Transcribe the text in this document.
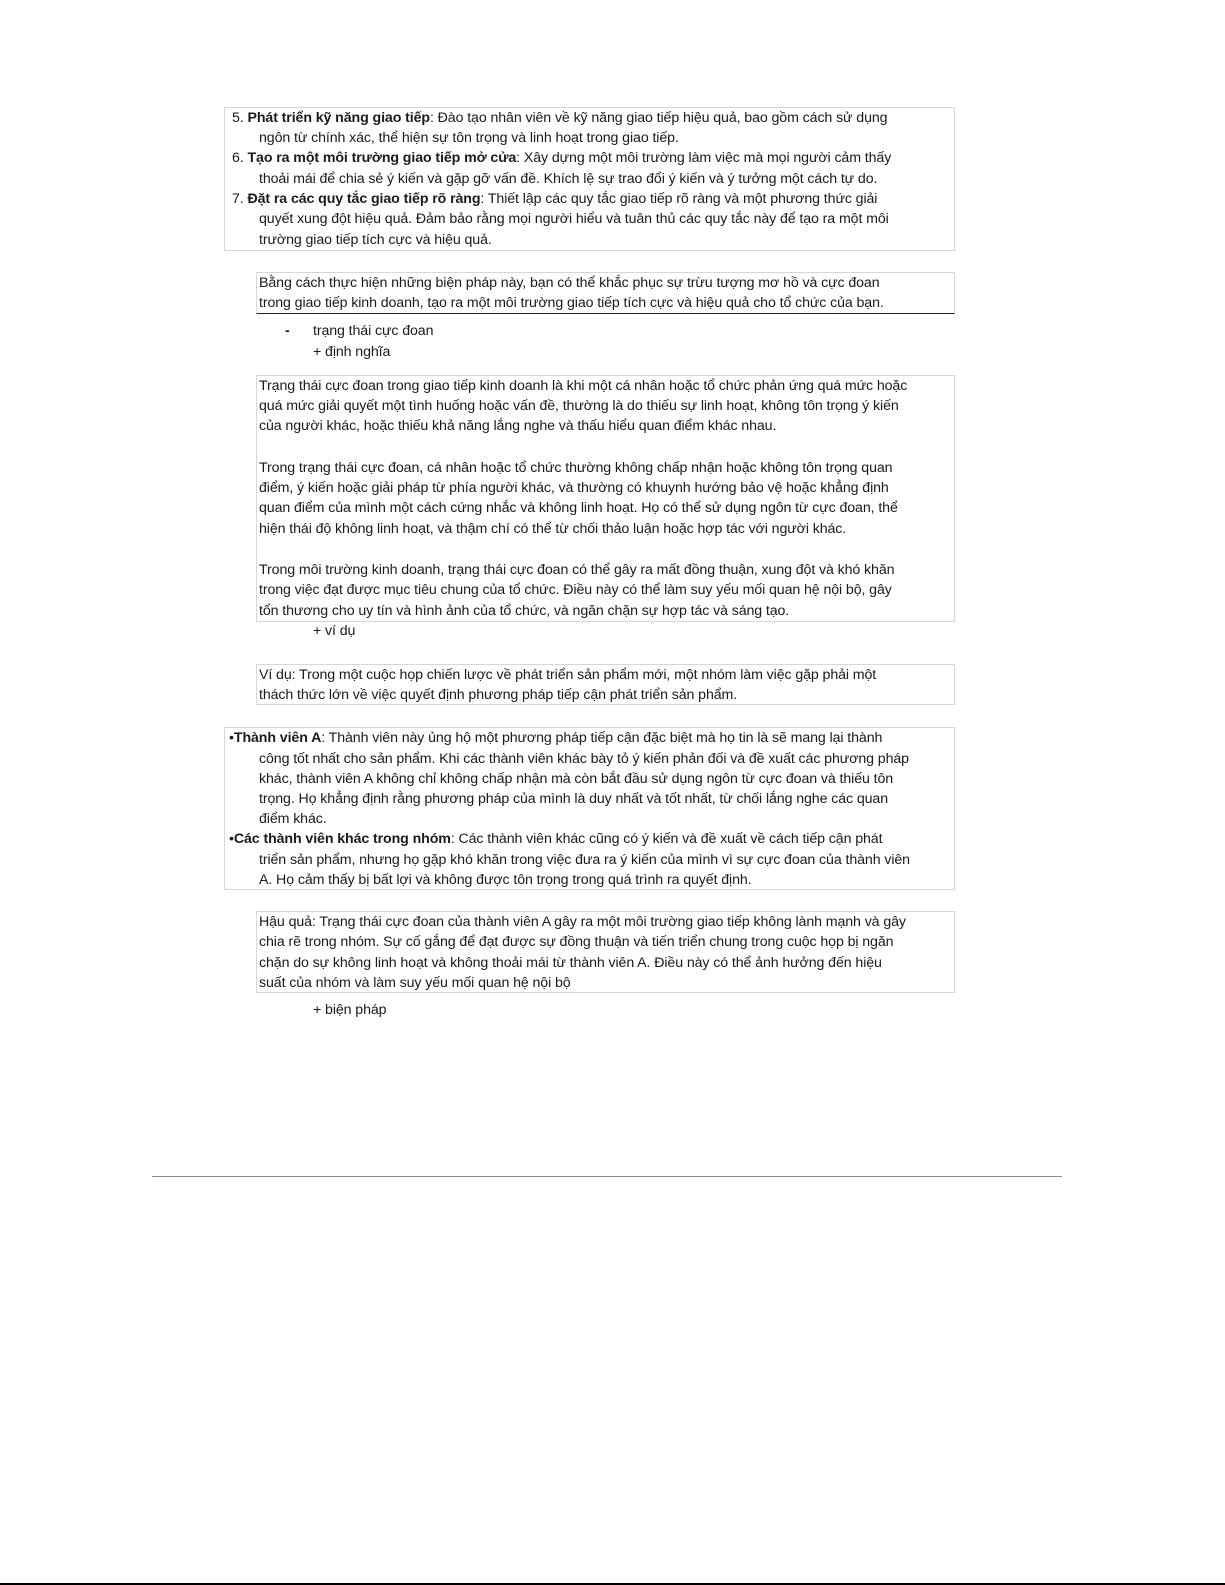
5. Phát triển kỹ năng giao tiếp: Đào tạo nhân viên về kỹ năng giao tiếp hiệu quả, bao gồm cách sử dụng
ngôn từ chính xác, thể hiện sự tôn trọng và linh hoạt trong giao tiếp.
6. Tạo ra một môi trường giao tiếp mở cửa: Xây dựng một môi trường làm việc mà mọi người cảm thấy
thoải mái để chia sẻ ý kiến và gặp gỡ vấn đề. Khích lệ sự trao đổi ý kiến và ý tưởng một cách tự do.
7. Đặt ra các quy tắc giao tiếp rõ ràng: Thiết lập các quy tắc giao tiếp rõ ràng và một phương thức giải
quyết xung đột hiệu quả. Đảm bảo rằng mọi người hiểu và tuân thủ các quy tắc này để tạo ra một môi
trường giao tiếp tích cực và hiệu quả.
Bằng cách thực hiện những biện pháp này, bạn có thể khắc phục sự trừu tượng mơ hồ và cực đoan
trong giao tiếp kinh doanh, tạo ra một môi trường giao tiếp tích cực và hiệu quả cho tổ chức của bạn.
- trạng thái cực đoan
+ định nghĩa
Trạng thái cực đoan trong giao tiếp kinh doanh là khi một cá nhân hoặc tổ chức phản ứng quá mức hoặc
quá mức giải quyết một tình huống hoặc vấn đề, thường là do thiếu sự linh hoạt, không tôn trọng ý kiến
của người khác, hoặc thiếu khả năng lắng nghe và thấu hiểu quan điểm khác nhau.
Trong trạng thái cực đoan, cá nhân hoặc tổ chức thường không chấp nhận hoặc không tôn trọng quan
điểm, ý kiến hoặc giải pháp từ phía người khác, và thường có khuynh hướng bảo vệ hoặc khẳng định
quan điểm của mình một cách cứng nhắc và không linh hoạt. Họ có thể sử dụng ngôn từ cực đoan, thể
hiện thái độ không linh hoạt, và thậm chí có thể từ chối thảo luận hoặc hợp tác với người khác.
Trong môi trường kinh doanh, trạng thái cực đoan có thể gây ra mất đồng thuận, xung đột và khó khăn
trong việc đạt được mục tiêu chung của tổ chức. Điều này có thể làm suy yếu mối quan hệ nội bộ, gây
tổn thương cho uy tín và hình ảnh của tổ chức, và ngăn chặn sự hợp tác và sáng tạo.
+ ví dụ
Ví dụ: Trong một cuộc họp chiến lược về phát triển sản phẩm mới, một nhóm làm việc gặp phải một
thách thức lớn về việc quyết định phương pháp tiếp cận phát triển sản phẩm.
•Thành viên A: Thành viên này ủng hộ một phương pháp tiếp cận đặc biệt mà họ tin là sẽ mang lại thành
công tốt nhất cho sản phẩm. Khi các thành viên khác bày tỏ ý kiến phản đối và đề xuất các phương pháp
khác, thành viên A không chỉ không chấp nhận mà còn bắt đầu sử dụng ngôn từ cực đoan và thiếu tôn
trọng. Họ khẳng định rằng phương pháp của mình là duy nhất và tốt nhất, từ chối lắng nghe các quan
điểm khác.
•Các thành viên khác trong nhóm: Các thành viên khác cũng có ý kiến và đề xuất về cách tiếp cận phát
triển sản phẩm, nhưng họ gặp khó khăn trong việc đưa ra ý kiến của mình vì sự cực đoan của thành viên
A. Họ cảm thấy bị bất lợi và không được tôn trọng trong quá trình ra quyết định.
Hậu quả: Trạng thái cực đoan của thành viên A gây ra một môi trường giao tiếp không lành mạnh và gây
chia rẽ trong nhóm. Sự cố gắng để đạt được sự đồng thuận và tiến triển chung trong cuộc họp bị ngăn
chặn do sự không linh hoạt và không thoải mái từ thành viên A. Điều này có thể ảnh hưởng đến hiệu
suất của nhóm và làm suy yếu mối quan hệ nội bộ
+ biện pháp
